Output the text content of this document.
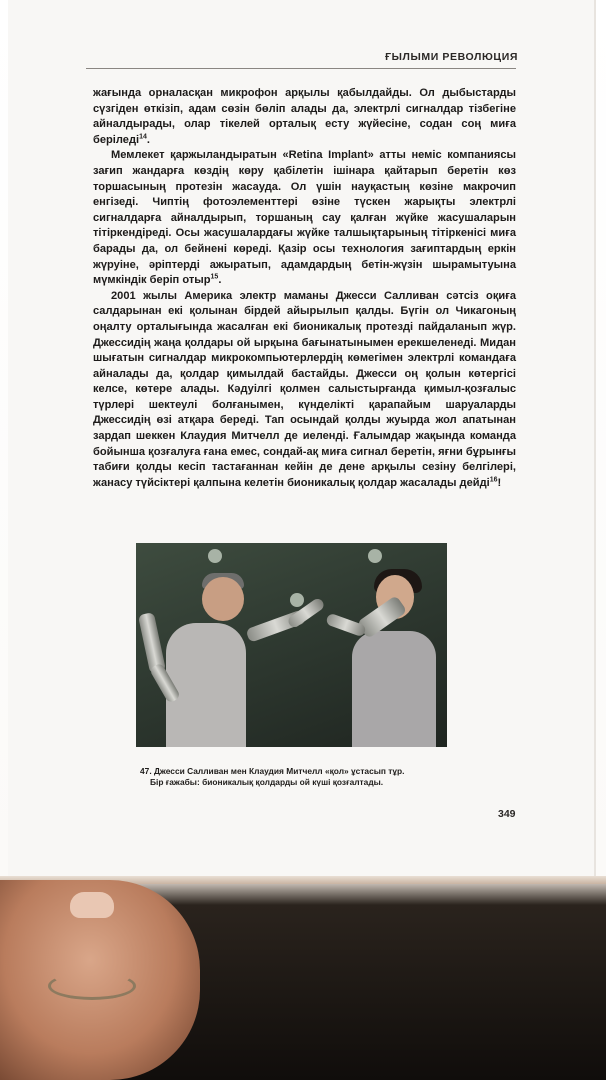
ҒЫЛЫМИ РЕВОЛЮЦИЯ

жағында орналасқан микрофон арқылы қабылдайды. Ол дыбыстарды сүзгіден өткізіп, адам сөзін бөліп алады да, электрлі сигналдар тізбегіне айналдырады, олар тікелей орталық есту жүйесіне, содан соң миға беріледі$^{14}$.

Мемлекет қаржыландыратын «Retina Implant» атты неміс компаниясы зағип жандарға көздің көру қабілетін ішінара қайтарып беретін көз торшасының протезін жасауда. Ол үшін науқастың көзіне макрочип енгізеді. Чиптің фотоэлементтері өзіне түскен жарықты электрлі сигналдарға айналдырып, торшаның сау қалған жүйке жасушаларын тітіркендіреді. Осы жасушалардағы жүйке талшықтарының тітіркенісі миға барады да, ол бейнені көреді. Қазір осы технология зағиптардың еркін жүруіне, әріптерді ажыратып, адамдардың бетін-жүзін шырамытуына мүмкіндік беріп отыр$^{15}$.

2001 жылы Америка электр маманы Джесси Салливан сәтсіз оқиға салдарынан екі қолынан бірдей айырылып қалды. Бүгін ол Чикагоның оңалту орталығында жасалған екі бионикалық протезді пайдаланып жүр. Джессидің жаңа қолдары ой ырқына бағынатынымен ерекшеленеді. Мидан шығатын сигналдар микрокомпьютерлердің көмегімен электрлі командаға айналады да, қолдар қимылдай бастайды. Джесси оң қолын көтергісі келсе, көтере алады. Кәдуілгі қолмен салыстырғанда қимыл-қозғалыс түрлері шектеулі болғанымен, күнделікті қарапайым шаруаларды Джессидің өзі атқара береді. Тап осындай қолды жуырда жол апатынан зардап шеккен Клаудия Митчелл де иеленді. Ғалымдар жақында команда бойынша қозғалуға ғана емес, сондай-ақ миға сигнал беретін, яғни бұрынғы табиғи қолды кесіп тастағаннан кейін де дене арқылы сезіну белгілері, жанасу түйсіктері қалпына келетін бионикалық қолдар жасалады дейді$^{16}$!

47. Джесси Салливан мен Клаудия Митчелл «қол» ұстасып тұр.
Бір ғажабы: бионикалық қолдарды ой күші қозғалтады.
349
